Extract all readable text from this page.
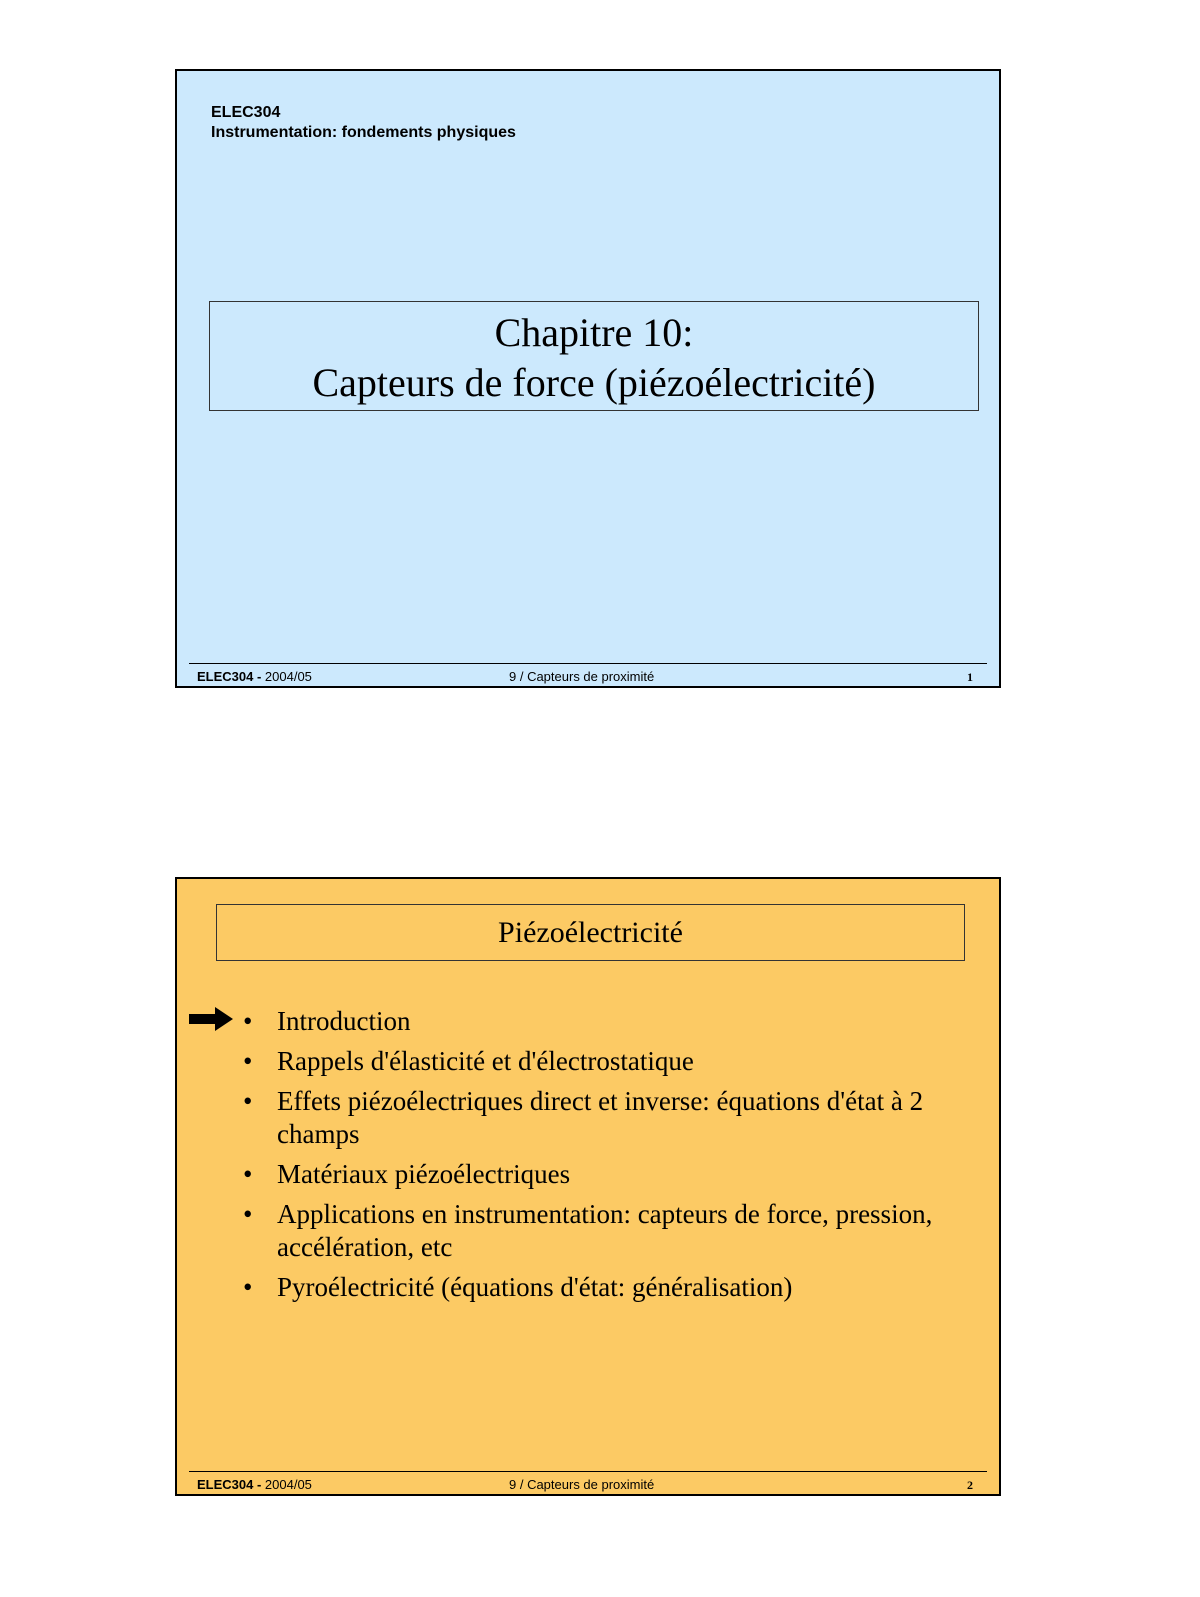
ELEC304
Instrumentation: fondements physiques
Chapitre 10:
Capteurs de force (piézoélectricité)
ELEC304 - 2004/05	9 / Capteurs de proximité	1
Piézoélectricité
• Introduction
• Rappels d'élasticité et d'électrostatique
• Effets piézoélectriques direct et inverse: équations d'état à 2 champs
• Matériaux piézoélectriques
• Applications en instrumentation: capteurs de force, pression, accélération, etc
• Pyroélectricité (équations d'état: généralisation)
ELEC304 - 2004/05	9 / Capteurs de proximité	2
